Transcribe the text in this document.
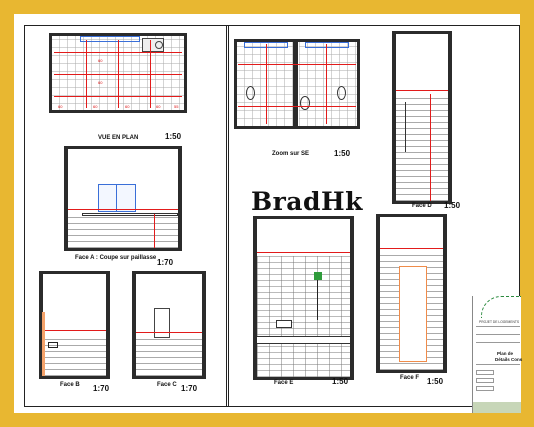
60	60	60	60	55
60
60
VUE EN PLAN	1:50
Face A : Coupe sur paillasse 1:70
Face B 1:70	Face C 1:70
Zoom sur SE	1:50
Face D 1:50
BradHk
Face E	1:50	Face F 1:50
PROJET DE LOGEMENTS
Plan de
Détails Cons
